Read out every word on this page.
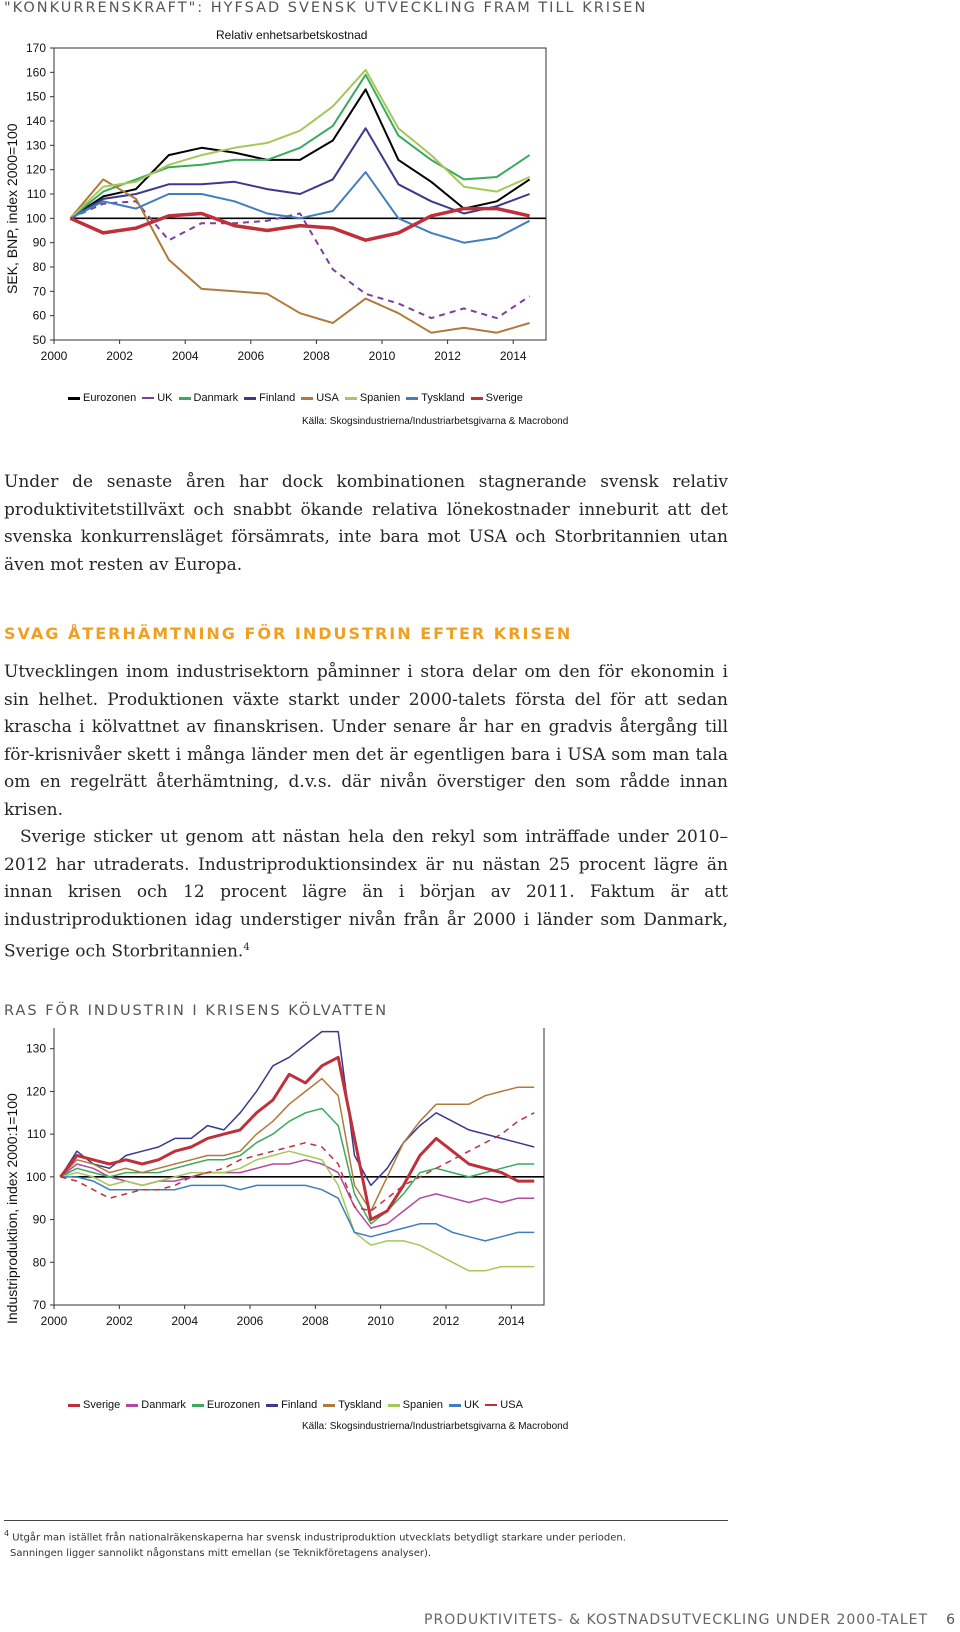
"KONKURRENSKRAFT": HYFSAD SVENSK UTVECKLING FRAM TILL KRISEN
Relativ enhetsarbetskostnad
SEK, BNP, index 2000=100
50
60
70
80
90
100
110
120
130
140
150
160
170
2000	2002	2004	2006	2008	2010	2012	2014
Eurozonen UK Danmark Finland USA Spanien Tyskland Sverige
Källa: Skogsindustrierna/Industriarbetsgivarna & Macrobond

Under de senaste åren har dock kombinationen stagnerande svensk relativ produktivitetstillväxt och snabbt ökande relativa lönekostnader inneburit att det svenska konkurrensläget försämrats, inte bara mot USA och Storbritannien utan även mot resten av Europa.

SVAG ÅTERHÄMTNING FÖR INDUSTRIN EFTER KRISEN

Utvecklingen inom industrisektorn påminner i stora delar om den för ekonomin i sin helhet. Produktionen växte starkt under 2000-talets första del för att sedan krascha i kölvattnet av finanskrisen. Under senare år har en gradvis återgång till för-krisnivåer skett i många länder men det är egentligen bara i USA som man tala om en regelrätt återhämtning, d.v.s. där nivån överstiger den som rådde innan krisen.

Sverige sticker ut genom att nästan hela den rekyl som inträffade under 2010–2012 har utraderats. Industriproduktionsindex är nu nästan 25 procent lägre än innan krisen och 12 procent lägre än i början av 2011. Faktum är att industriproduktionen idag understiger nivån från år 2000 i länder som Danmark, Sverige och Storbritannien.$^4$

RAS FÖR INDUSTRIN I KRISENS KÖLVATTEN
Industriproduktion, index 2000:1=100 70
80
90
100
110
120
130
2000	2002	2004	2006	2008	2010	2012	2014
Sverige Danmark Eurozonen Finland Tyskland Spanien UK USA
Källa: Skogsindustrierna/Industriarbetsgivarna & Macrobond
$^4$ Utgår man istället från nationalräkenskaperna har svensk industriproduktion utvecklats betydligt starkare under perioden.
Sanningen ligger sannolikt någonstans mitt emellan (se Teknikföretagens analyser).
PRODUKTIVITETS- & KOSTNADSUTVECKLING UNDER 2000-TALET 6
